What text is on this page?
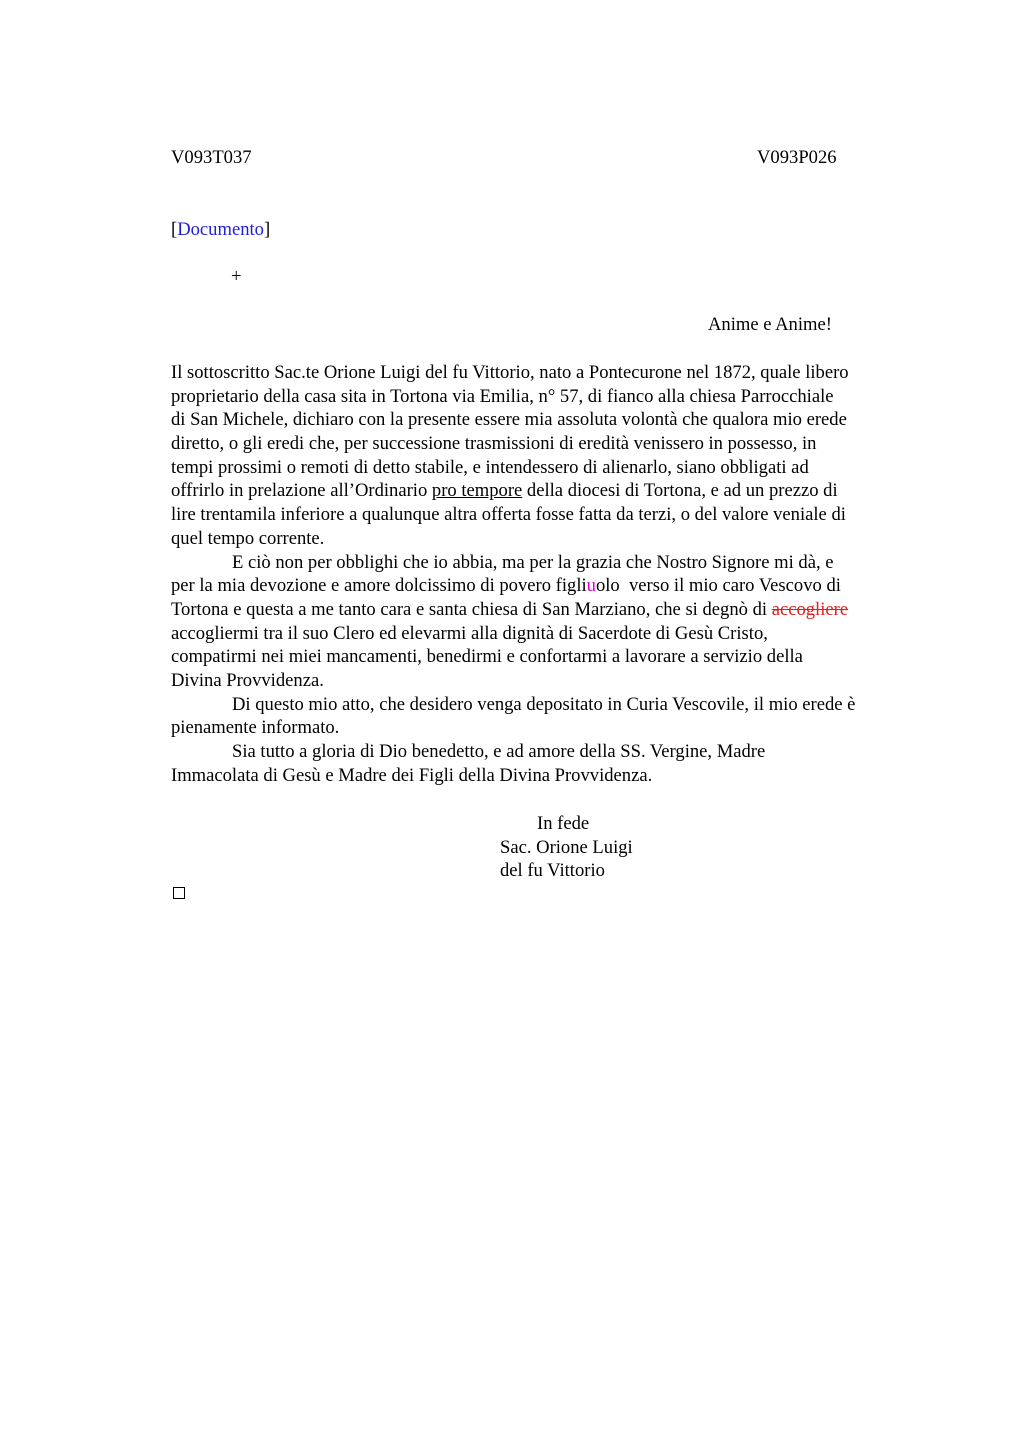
V093T037	V093P026
[Documento]
+
Anime e Anime!
Il sottoscritto Sac.te Orione Luigi del fu Vittorio, nato a Pontecurone nel 1872, quale libero
proprietario della casa sita in Tortona via Emilia, n° 57, di fianco alla chiesa Parrocchiale
di San Michele, dichiaro con la presente essere mia assoluta volontà che qualora mio erede
diretto, o gli eredi che, per successione trasmissioni di eredità venissero in possesso, in
tempi prossimi o remoti di detto stabile, e intendessero di alienarlo, siano obbligati ad
offrirlo in prelazione all’Ordinario pro tempore della diocesi di Tortona, e ad un prezzo di
lire trentamila inferiore a qualunque altra offerta fosse fatta da terzi, o del valore veniale di
quel tempo corrente.
E ciò non per obblighi che io abbia, ma per la grazia che Nostro Signore mi dà, e
per la mia devozione e amore dolcissimo di povero figliuolo  verso il mio caro Vescovo di
Tortona e questa a me tanto cara e santa chiesa di San Marziano, che si degnò di accogliere
accogliermi tra il suo Clero ed elevarmi alla dignità di Sacerdote di Gesù Cristo,
compatirmi nei miei mancamenti, benedirmi e confortarmi a lavorare a servizio della
Divina Provvidenza.
Di questo mio atto, che desidero venga depositato in Curia Vescovile, il mio erede è
pienamente informato.
Sia tutto a gloria di Dio benedetto, e ad amore della SS. Vergine, Madre
Immacolata di Gesù e Madre dei Figli della Divina Provvidenza.
In fede
Sac. Orione Luigi
del fu Vittorio
